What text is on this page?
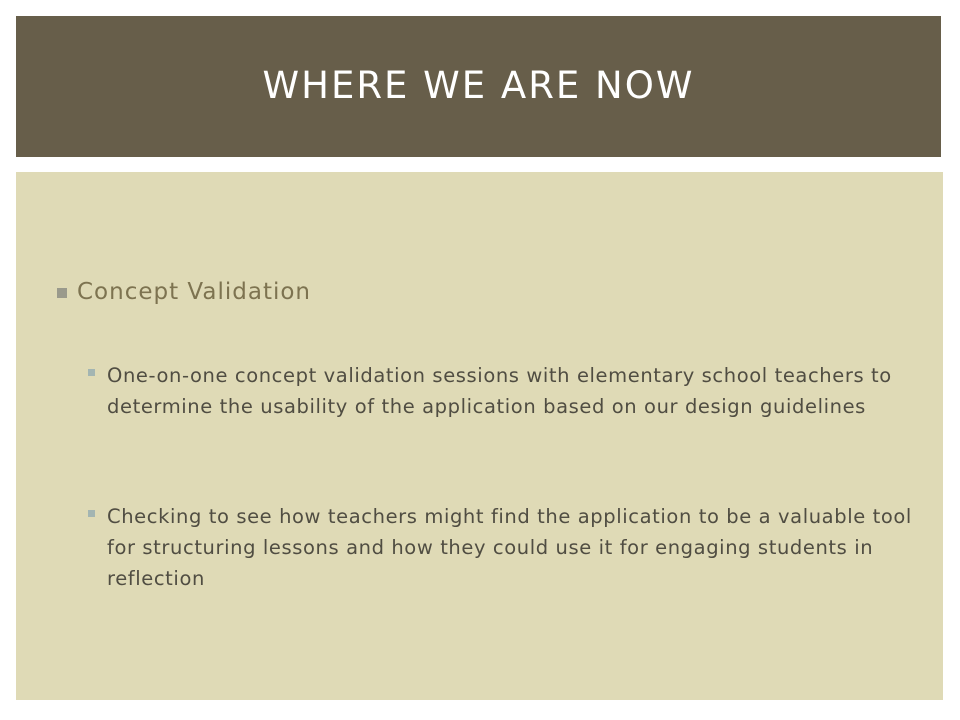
WHERE WE ARE NOW
Concept Validation
One-on-one concept validation sessions with elementary school teachers to determine the usability of the application based on our design guidelines
Checking to see how teachers might find the application to be a valuable tool for structuring lessons and how they could use it for engaging students in reflection
